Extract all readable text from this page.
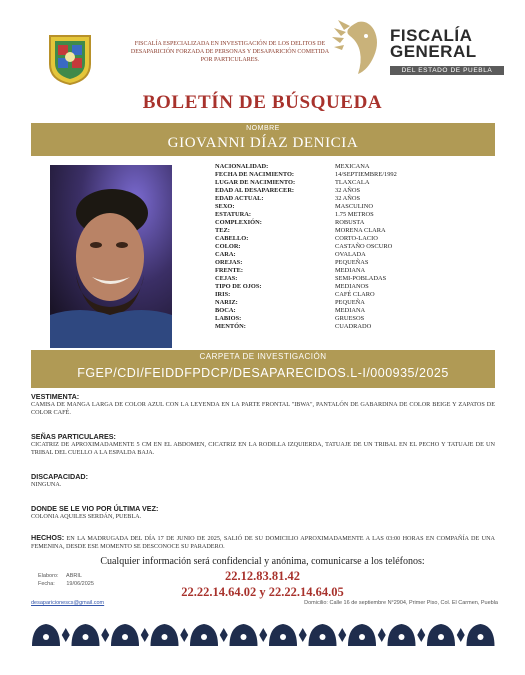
FISCALÍA ESPECIALIZADA EN INVESTIGACIÓN DE LOS DELITOS DE DESAPARICIÓN FORZADA DE PERSONAS Y DESAPARICIÓN COMETIDA POR PARTICULARES.
FISCALÍA
GENERAL
DEL ESTADO DE PUEBLA
BOLETÍN DE BÚSQUEDA
NOMBRE
GIOVANNI DÍAZ DENICIA
NACIONALIDAD:	MEXICANA
FECHA DE NACIMIENTO:	14/SEPTIEMBRE/1992
LUGAR DE NACIMIENTO:	TLAXCALA
EDAD AL DESAPARECER:	32 AÑOS
EDAD ACTUAL:	32 AÑOS
SEXO:	MASCULINO
ESTATURA:	1.75 METROS
COMPLEXIÓN:	ROBUSTA
TEZ:	MORENA CLARA
CABELLO:	CORTO-LACIO
COLOR:	CASTAÑO OSCURO
CARA:	OVALADA
OREJAS:	PEQUEÑAS
FRENTE:	MEDIANA
CEJAS:	SEMI-POBLADAS
TIPO DE OJOS:	MEDIANOS
IRIS:	CAFÉ CLARO
NARIZ:	PEQUEÑA
BOCA:	MEDIANA
LABIOS:	GRUESOS
MENTÓN:	CUADRADO
CARPETA DE INVESTIGACIÓN
FGEP/CDI/FEIDDFPDCP/DESAPARECIDOS.L-I/000935/2025
VESTIMENTA:
CAMISA DE MANGA LARGA DE COLOR AZUL CON LA LEYENDA EN LA PARTE FRONTAL "IBWA", PANTALÓN DE GABARDINA DE COLOR BEIGE Y ZAPATOS DE COLOR CAFÉ.
SEÑAS PARTICULARES:
CICATRIZ DE APROXIMADAMENTE 5 CM EN EL ABDOMEN, CICATRIZ EN LA RODILLA IZQUIERDA, TATUAJE DE UN TRIBAL EN EL PECHO Y TATUAJE DE UN TRIBAL DEL CUELLO A LA ESPALDA BAJA.
DISCAPACIDAD:
NINGUNA.
DONDE SE LE VIO POR ÚLTIMA VEZ:
COLONIA AQUILES SERDÁN, PUEBLA.
HECHOS: EN LA MADRUGADA DEL DÍA 17 DE JUNIO DE 2025, SALIÓ DE SU DOMICILIO APROXIMADAMENTE A LAS 03:00 HORAS EN COMPAÑÍA DE UNA FEMENINA, DESDE ESE MOMENTO SE DESCONOCE SU PARADERO.
Cualquier información será confidencial y anónima, comunicarse a los teléfonos:
22.12.83.81.42
22.22.14.64.02 y 22.22.14.64.05
Elaboro: ABRIL
Fecha: 19/06/2025
desaparicionescs@gmail.com	Domicilio: Calle 16 de septiembre N°2904, Primer Piso, Col. El Carmen, Puebla
